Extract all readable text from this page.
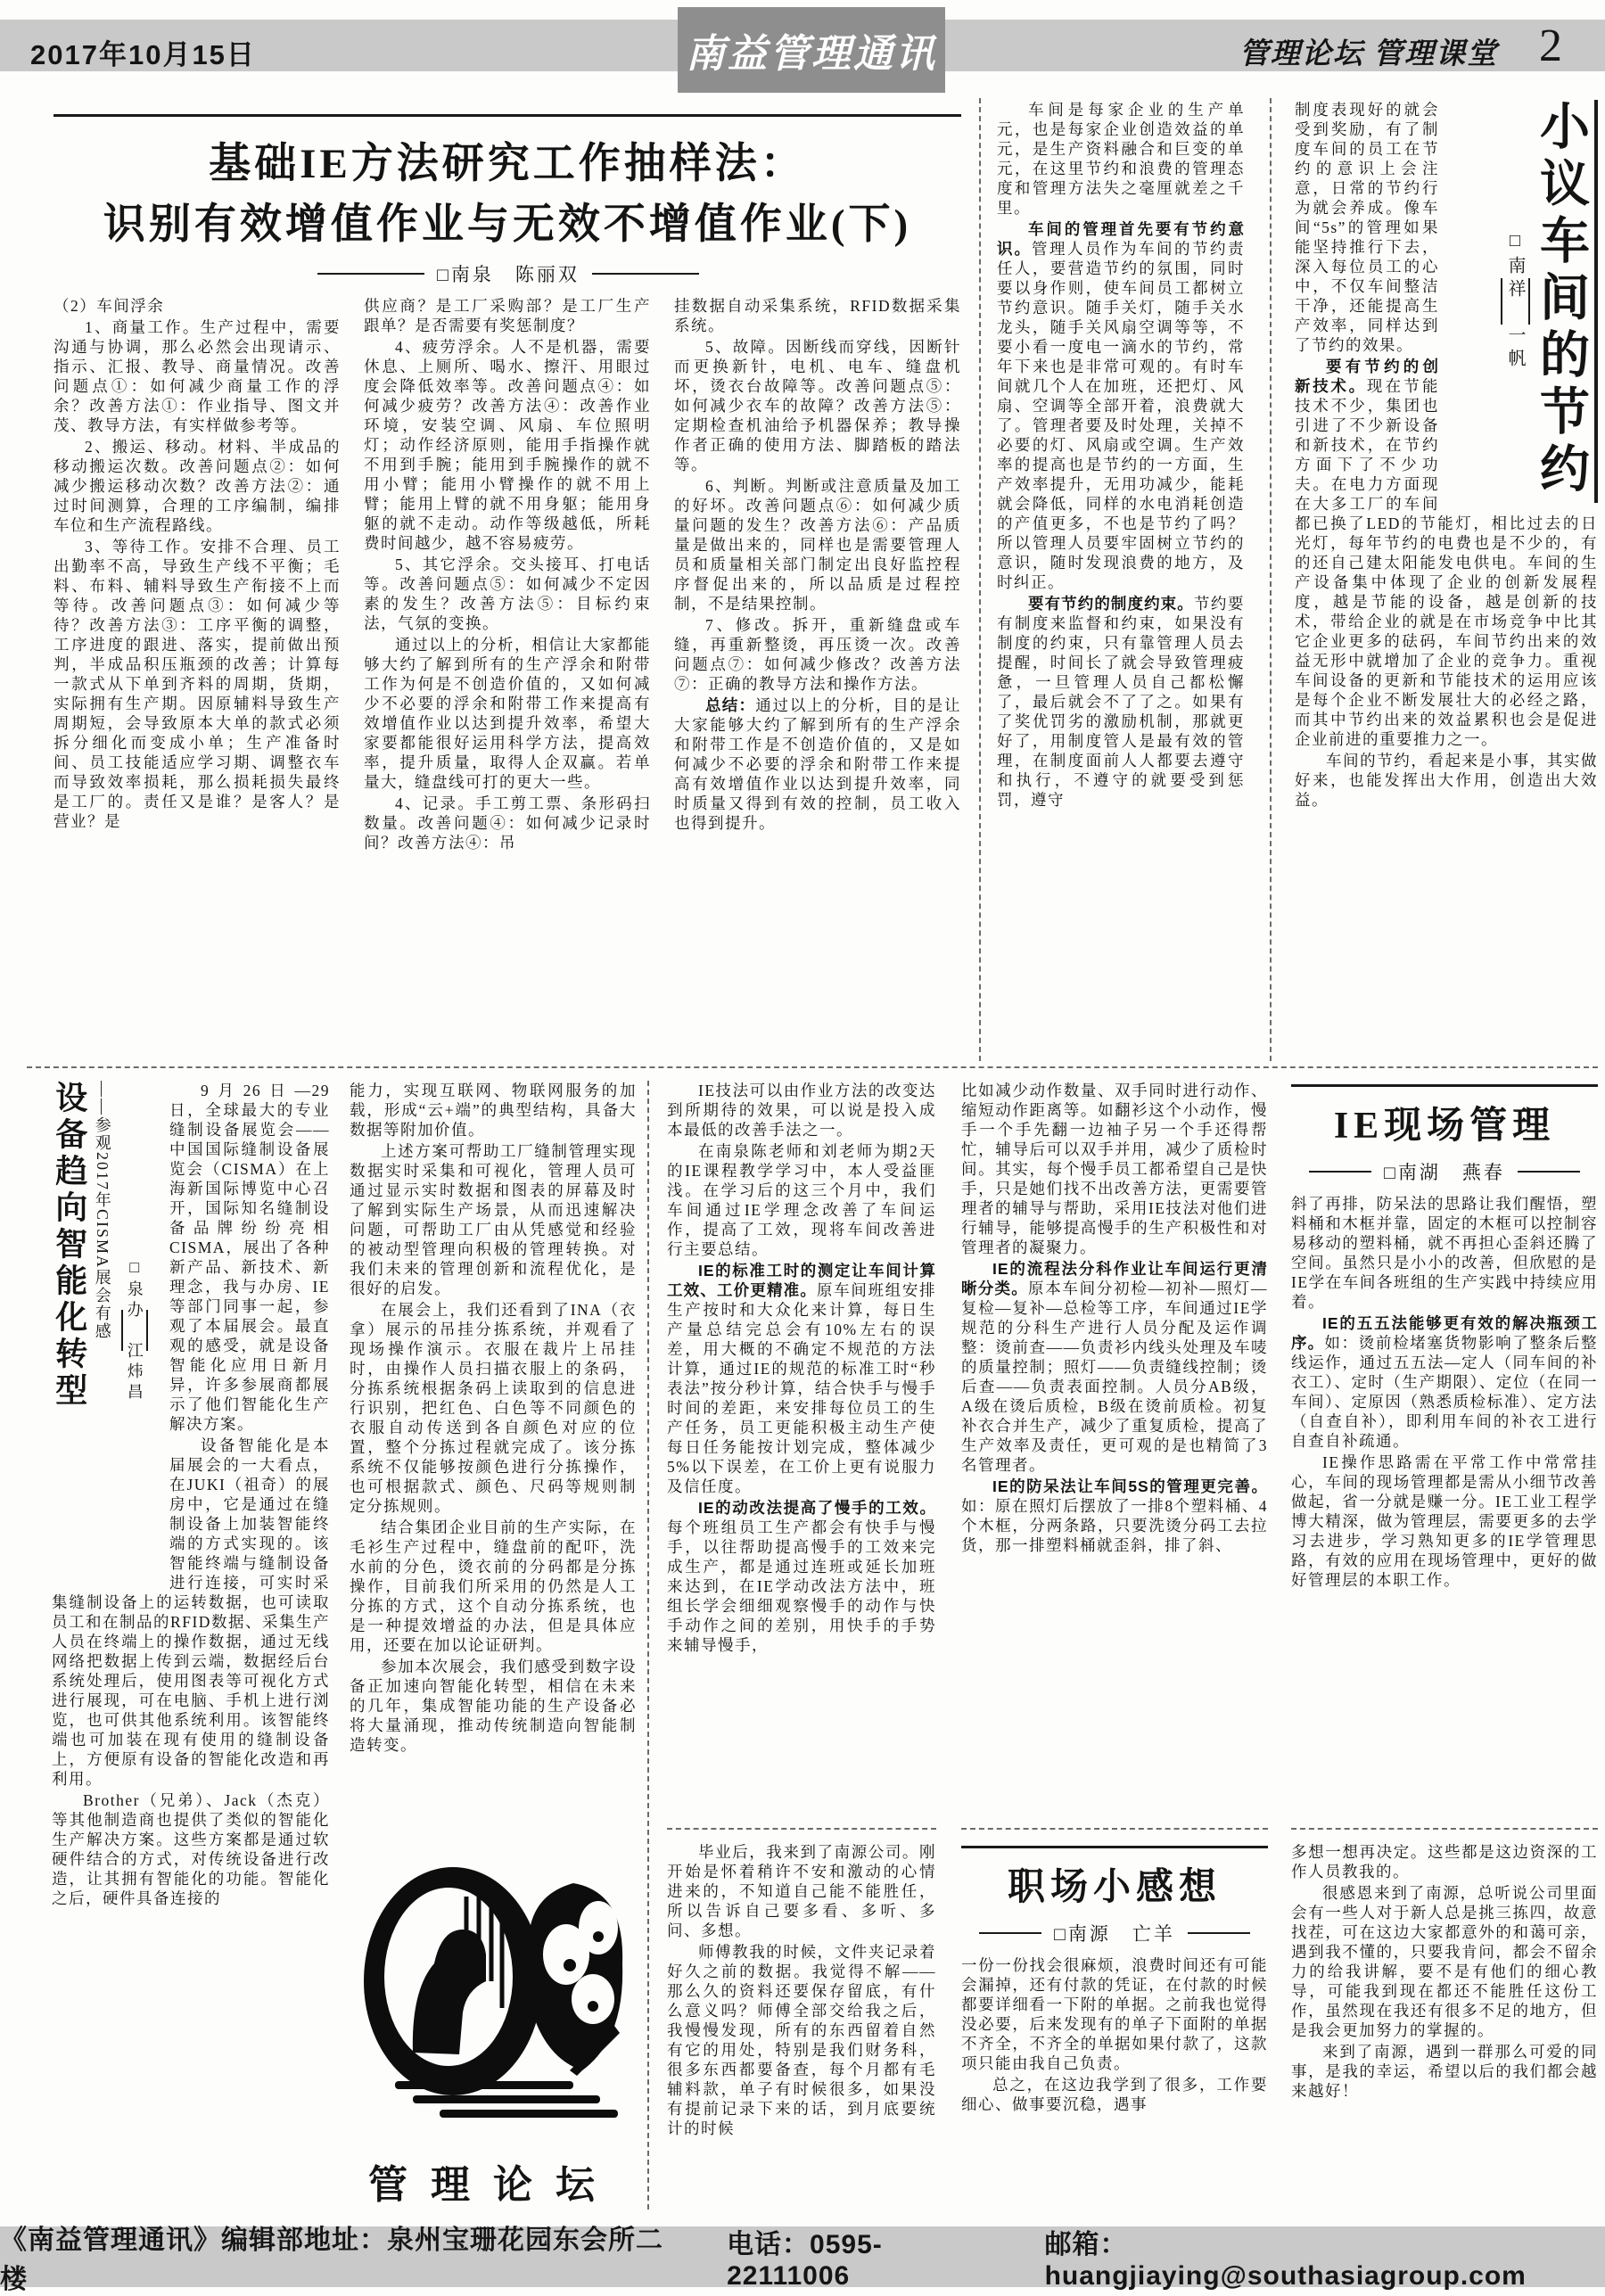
2017年10月15日	南益管理通讯	管理论坛 管理课堂 2
基础IE方法研究工作抽样法：
识别有效增值作业与无效不增值作业(下)
□南泉　陈丽双

（2）车间浮余

1、商量工作。生产过程中，需要沟通与协调，那么必然会出现请示、指示、汇报、教导、商量情况。改善问题点①：如何减少商量工作的浮余？改善方法①：作业指导、图文并茂、教导方法，有实样做参考等。

2、搬运、移动。材料、半成品的移动搬运次数。改善问题点②：如何减少搬运移动次数？改善方法②：通过时间测算，合理的工序编制，编排车位和生产流程路线。

3、等待工作。安排不合理、员工出勤率不高，导致生产线不平衡；毛料、布料、辅料导致生产衔接不上而等待。改善问题点③：如何减少等待？改善方法③：工序平衡的调整，工序进度的跟进、落实，提前做出预判，半成品积压瓶颈的改善；计算每一款式从下单到齐料的周期，货期，实际拥有生产期。因原辅料导致生产周期短，会导致原本大单的款式必须拆分细化而变成小单；生产准备时间、员工技能适应学习期、调整衣车而导致效率损耗，那么损耗损失最终是工厂的。责任又是谁？是客人？是营业？是

供应商？是工厂采购部？是工厂生产跟单？是否需要有奖惩制度？

4、疲劳浮余。人不是机器，需要休息、上厕所、喝水、擦汗、用眼过度会降低效率等。改善问题点④：如何减少疲劳？改善方法④：改善作业环境，安装空调、风扇、车位照明灯；动作经济原则，能用手指操作就不用到手腕；能用到手腕操作的就不用小臂；能用小臂操作的就不用上臂；能用上臂的就不用身躯；能用身躯的就不走动。动作等级越低，所耗费时间越少，越不容易疲劳。

5、其它浮余。交头接耳、打电话等。改善问题点⑤：如何减少不定因素的发生？改善方法⑤：目标约束法，气氛的变换。

通过以上的分析，相信让大家都能够大约了解到所有的生产浮余和附带工作为何是不创造价值的，又如何减少不必要的浮余和附带工作来提高有效增值作业以达到提升效率，希望大家要都能很好运用科学方法，提高效率，提升质量，取得人企双赢。若单量大，缝盘线可打的更大一些。

4、记录。手工剪工票、条形码扫数量。改善问题④：如何减少记录时间？改善方法④：吊

挂数据自动采集系统，RFID数据采集系统。

5、故障。因断线而穿线，因断针而更换新针，电机、电车、缝盘机坏，烫衣台故障等。改善问题点⑤：如何减少衣车的故障？改善方法⑤：定期检查机油给予机器保养；教导操作者正确的使用方法、脚踏板的踏法等。

6、判断。判断或注意质量及加工的好坏。改善问题点⑥：如何减少质量问题的发生？改善方法⑥：产品质量是做出来的，同样也是需要管理人员和质量相关部门制定出良好监控程序督促出来的，所以品质是过程控制，不是结果控制。

7、修改。拆开，重新缝盘或车缝，再重新整烫，再压烫一次。改善问题点⑦：如何减少修改？改善方法⑦：正确的教导方法和操作方法。

总结：通过以上的分析，目的是让大家能够大约了解到所有的生产浮余和附带工作是不创造价值的，又是如何减少不必要的浮余和附带工作来提高有效增值作业以达到提升效率，同时质量又得到有效的控制，员工收入也得到提升。

车间是每家企业的生产单元，也是每家企业创造效益的单元，是生产资料融合和巨变的单元，在这里节约和浪费的管理态度和管理方法失之毫厘就差之千里。

车间的管理首先要有节约意识。管理人员作为车间的节约责任人，要营造节约的氛围，同时要以身作则，使车间员工都树立节约意识。随手关灯，随手关水龙头，随手关风扇空调等等，不要小看一度电一滴水的节约，常年下来也是非常可观的。有时车间就几个人在加班，还把灯、风扇、空调等全部开着，浪费就大了。管理者要及时处理，关掉不必要的灯、风扇或空调。生产效率的提高也是节约的一方面，生产效率提升，无用功减少，能耗就会降低，同样的水电消耗创造的产值更多，不也是节约了吗？所以管理人员要牢固树立节约的意识，随时发现浪费的地方，及时纠正。

要有节约的制度约束。节约要有制度来监督和约束，如果没有制度的约束，只有靠管理人员去提醒，时间长了就会导致管理疲惫，一旦管理人员自己都松懈了，最后就会不了了之。如果有了奖优罚劣的激励机制，那就更好了，用制度管人是最有效的管理，在制度面前人人都要去遵守和执行，不遵守的就要受到惩罚，遵守

□南祥　一帆 小议车间的节约

制度表现好的就会受到奖励，有了制度车间的员工在节约的意识上会注意，日常的节约行为就会养成。像车间“5s”的管理如果能坚持推行下去，深入每位员工的心中，不仅车间整洁干净，还能提高生产效率，同样达到了节约的效果。

要有节约的创新技术。现在节能技术不少，集团也引进了不少新设备和新技术，在节约方面下了不少功夫。在电力方面现在大多工厂的车间都已换了LED的节能灯，相比过去的日光灯，每年节约的电费也是不少的，有的还自己建太阳能发电供电。车间的生产设备集中体现了企业的创新发展程度，越是节能的设备，越是创新的技术，带给企业的就是在市场竞争中比其它企业更多的砝码，车间节约出来的效益无形中就增加了企业的竞争力。重视车间设备的更新和节能技术的运用应该是每个企业不断发展壮大的必经之路，而其中节约出来的效益累积也会是促进企业前进的重要推力之一。

车间的节约，看起来是小事，其实做好来，也能发挥出大作用，创造出大效益。

设备趋向智能化转型 ——参观2017年CISMA展会有感 □泉办　江炜昌

9月26日—29日，全球最大的专业缝制设备展览会——中国国际缝制设备展览会（CISMA）在上海新国际博览中心召开，国际知名缝制设备品牌纷纷亮相CISMA，展出了各种新产品、新技术、新理念，我与办房、IE等部门同事一起，参观了本届展会。最直观的感受，就是设备智能化应用日新月异，许多参展商都展示了他们智能化生产解决方案。

设备智能化是本届展会的一大看点，在JUKI（祖奇）的展房中，它是通过在缝制设备上加装智能终端的方式实现的。该智能终端与缝制设备进行连接，可实时采集缝制设备上的运转数据，也可读取员工和在制品的RFID数据、采集生产人员在终端上的操作数据，通过无线网络把数据上传到云端，数据经后台系统处理后，使用图表等可视化方式进行展现，可在电脑、手机上进行浏览，也可供其他系统利用。该智能终端也可加装在现有使用的缝制设备上，方便原有设备的智能化改造和再利用。

Brother（兄弟）、Jack（杰克）等其他制造商也提供了类似的智能化生产解决方案。这些方案都是通过软硬件结合的方式，对传统设备进行改造，让其拥有智能化的功能。智能化之后，硬件具备连接的

能力，实现互联网、物联网服务的加载，形成“云+端”的典型结构，具备大数据等附加价值。

上述方案可帮助工厂缝制管理实现数据实时采集和可视化，管理人员可通过显示实时数据和图表的屏幕及时了解到实际生产场景，从而迅速解决问题，可帮助工厂由从凭感觉和经验的被动型管理向积极的管理转换。对我们未来的管理创新和流程优化，是很好的启发。

在展会上，我们还看到了INA（衣拿）展示的吊挂分拣系统，并观看了现场操作演示。衣服在裁片上吊挂时，由操作人员扫描衣服上的条码，分拣系统根据条码上读取到的信息进行识别，把红色、白色等不同颜色的衣服自动传送到各自颜色对应的位置，整个分拣过程就完成了。该分拣系统不仅能够按颜色进行分拣操作，也可根据款式、颜色、尺码等规则制定分拣规则。

结合集团企业目前的生产实际，在毛衫生产过程中，缝盘前的配吓，洗水前的分色，烫衣前的分码都是分拣操作，目前我们所采用的仍然是人工分拣的方式，这个自动分拣系统，也是一种提效增益的办法，但是具体应用，还要在加以论证研判。

参加本次展会，我们感受到数字设备正加速向智能化转型，相信在未来的几年，集成智能功能的生产设备必将大量涌现，推动传统制造向智能制造转变。

管理论坛

IE技法可以由作业方法的改变达到所期待的效果，可以说是投入成本最低的改善手法之一。

在南泉陈老师和刘老师为期2天的IE课程教学学习中，本人受益匪浅。在学习后的这三个月中，我们车间通过IE学理念改善了车间运作，提高了工效，现将车间改善进行主要总结。

IE的标准工时的测定让车间计算工效、工价更精准。原车间班组安排生产按时和大众化来计算，每日生产量总结完总会有10%左右的误差，用大概的不确定不规范的方法计算，通过IE的规范的标准工时“秒表法”按分秒计算，结合快手与慢手时间的差距，来安排每位员工的生产任务，员工更能积极主动生产使每日任务能按计划完成，整体减少5%以下误差，在工价上更有说服力及信任度。

IE的动改法提高了慢手的工效。每个班组员工生产都会有快手与慢手，以往帮助提高慢手的工效来完成生产，都是通过连班或延长加班来达到，在IE学动改法方法中，班组长学会细细观察慢手的动作与快手动作之间的差别，用快手的手势来辅导慢手，

毕业后，我来到了南源公司。刚开始是怀着稍许不安和激动的心情进来的，不知道自己能不能胜任，所以告诉自己要多看、多听、多问、多想。

师傅教我的时候，文件夹记录着好久之前的数据。我觉得不解——那么久的资料还要保存留底，有什么意义吗？师傅全部交给我之后，我慢慢发现，所有的东西留着自然有它的用处，特别是我们财务科，很多东西都要备查，每个月都有毛辅料款，单子有时候很多，如果没有提前记录下来的话，到月底要统计的时候

比如减少动作数量、双手同时进行动作、缩短动作距离等。如翻衫这个小动作，慢手一个手先翻一边袖子另一个手还得帮忙，辅导后可以双手并用，减少了质检时间。其实，每个慢手员工都希望自己是快手，只是她们找不出改善方法，更需要管理者的辅导与帮助，采用IE技法对他们进行辅导，能够提高慢手的生产积极性和对管理者的凝聚力。

IE的流程法分科作业让车间运行更清晰分类。原本车间分初检—初补—照灯—复检—复补—总检等工序，车间通过IE学规范的分科生产进行人员分配及运作调整：烫前查——负责衫内线头处理及车唛的质量控制；照灯——负责缝线控制；烫后查——负责表面控制。人员分AB级，A级在烫后质检，B级在烫前质检。初复补衣合并生产，减少了重复质检，提高了生产效率及责任，更可观的是也精简了3名管理者。

IE的防呆法让车间5S的管理更完善。如：原在照灯后摆放了一排8个塑料桶、4个木框，分两条路，只要洗烫分码工去拉货，那一排塑料桶就歪斜，排了斜、

职场小感想
□南源　亡羊

一份一份找会很麻烦，浪费时间还有可能会漏掉，还有付款的凭证，在付款的时候都要详细看一下附的单据。之前我也觉得没必要，后来发现有的单子下面附的单据不齐全，不齐全的单据如果付款了，这款项只能由我自己负责。

总之，在这边我学到了很多，工作要细心、做事要沉稳，遇事

IE现场管理
□南湖　燕春

斜了再排，防呆法的思路让我们醒悟，塑料桶和木框并靠，固定的木框可以控制容易移动的塑料桶，就不再担心歪斜还腾了空间。虽然只是小小的改善，但欣慰的是IE学在车间各班组的生产实践中持续应用着。

IE的五五法能够更有效的解决瓶颈工序。如：烫前检堵塞货物影响了整条后整线运作，通过五五法—定人（同车间的补衣工）、定时（生产期限）、定位（在同一车间）、定原因（熟悉质检标准）、定方法（自查自补），即利用车间的补衣工进行自查自补疏通。

IE操作思路需在平常工作中常常挂心，车间的现场管理都是需从小细节改善做起，省一分就是赚一分。IE工业工程学博大精深，做为管理层，需要更多的去学习去进步，学习熟知更多的IE学管理思路，有效的应用在现场管理中，更好的做好管理层的本职工作。

多想一想再决定。这些都是这边资深的工作人员教我的。

很感恩来到了南源，总听说公司里面会有一些人对于新人总是挑三拣四，故意找茬，可在这边大家都意外的和蔼可亲，遇到我不懂的，只要我肯问，都会不留余力的给我讲解，要不是有他们的细心教导，可能我到现在都还不能胜任这份工作，虽然现在我还有很多不足的地方，但是我会更加努力的掌握的。

来到了南源，遇到一群那么可爱的同事，是我的幸运，希望以后的我们都会越来越好！

《南益管理通讯》编辑部地址：泉州宝珊花园东会所二楼
电话：0595-22111006
邮箱：huangjiaying@southasiagroup.com
